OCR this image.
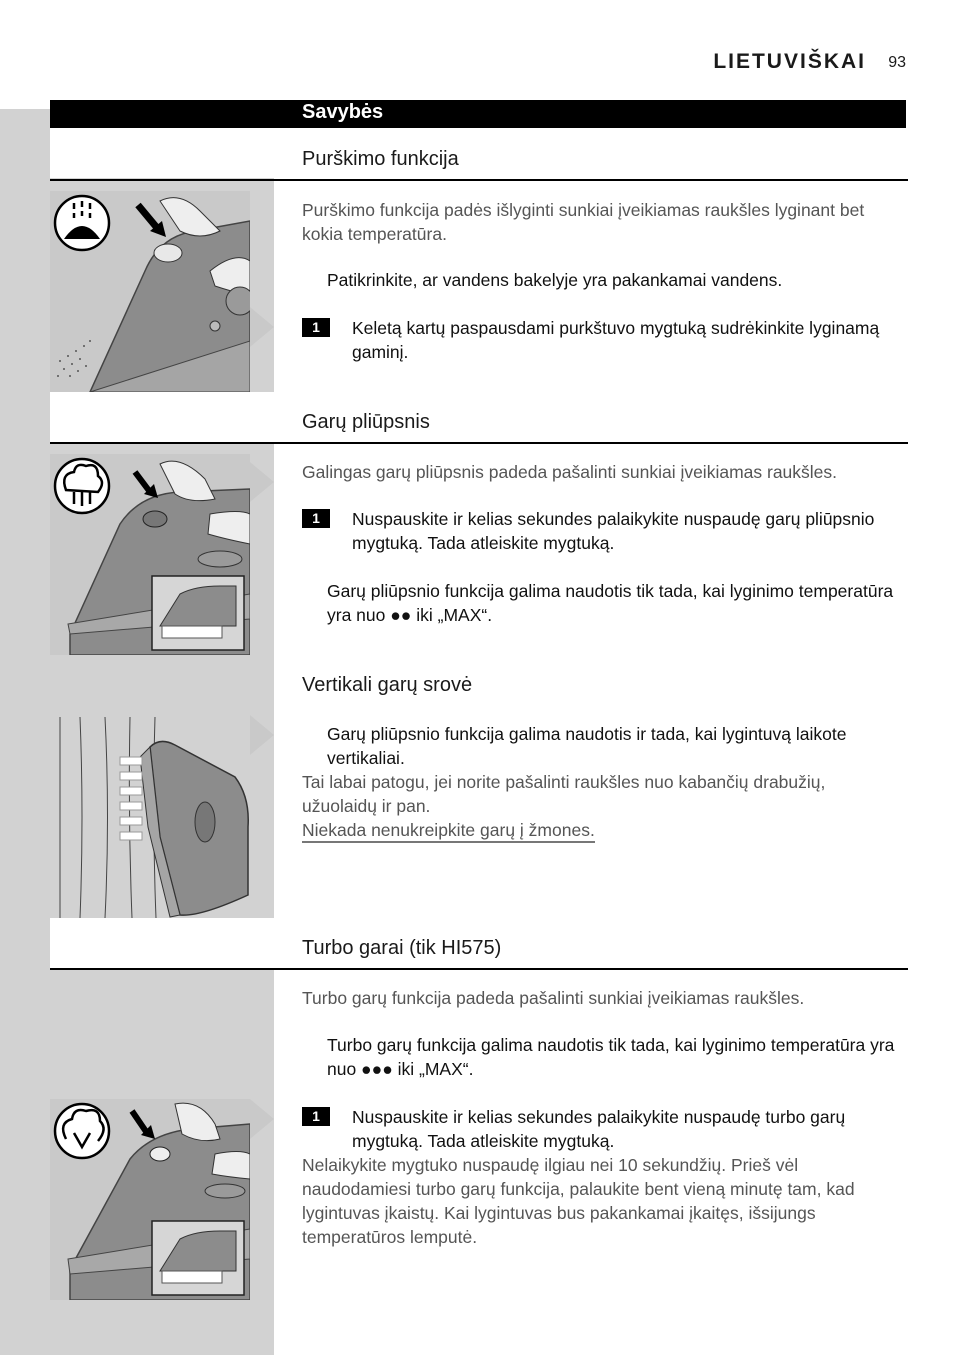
LIETUVIŠKAI 93
Savybės
Purškimo funkcija
Purškimo funkcija padės išlyginti sunkiai įveikiamas raukšles lyginant bet kokia temperatūra.
Patikrinkite, ar vandens bakelyje yra pakankamai vandens.
1	Keletą kartų paspausdami purkštuvo mygtuką sudrėkinkite lyginamą gaminį.
Garų pliūpsnis
Galingas garų pliūpsnis padeda pašalinti sunkiai įveikiamas raukšles.
1	Nuspauskite ir kelias sekundes palaikykite nuspaudę garų pliūpsnio mygtuką. Tada atleiskite mygtuką.
Garų pliūpsnio funkcija galima naudotis tik tada, kai lyginimo temperatūra yra nuo ●● iki „MAX“.
Vertikali garų srovė
Garų pliūpsnio funkcija galima naudotis ir tada, kai lygintuvą laikote vertikaliai.
Tai labai patogu, jei norite pašalinti raukšles nuo kabančių drabužių, užuolaidų ir pan.
Niekada nenukreipkite garų į žmones.
Turbo garai (tik HI575)
Turbo garų funkcija padeda pašalinti sunkiai įveikiamas raukšles.
Turbo garų funkcija galima naudotis tik tada, kai lyginimo temperatūra yra nuo ●●● iki „MAX“.
1	Nuspauskite ir kelias sekundes palaikykite nuspaudę turbo garų mygtuką. Tada atleiskite mygtuką.
Nelaikykite mygtuko nuspaudę ilgiau nei 10 sekundžių. Prieš vėl naudodamiesi turbo garų funkcija, palaukite bent vieną minutę tam, kad lygintuvas įkaistų. Kai lygintuvas bus pakankamai įkaitęs, išsijungs temperatūros lemputė.
